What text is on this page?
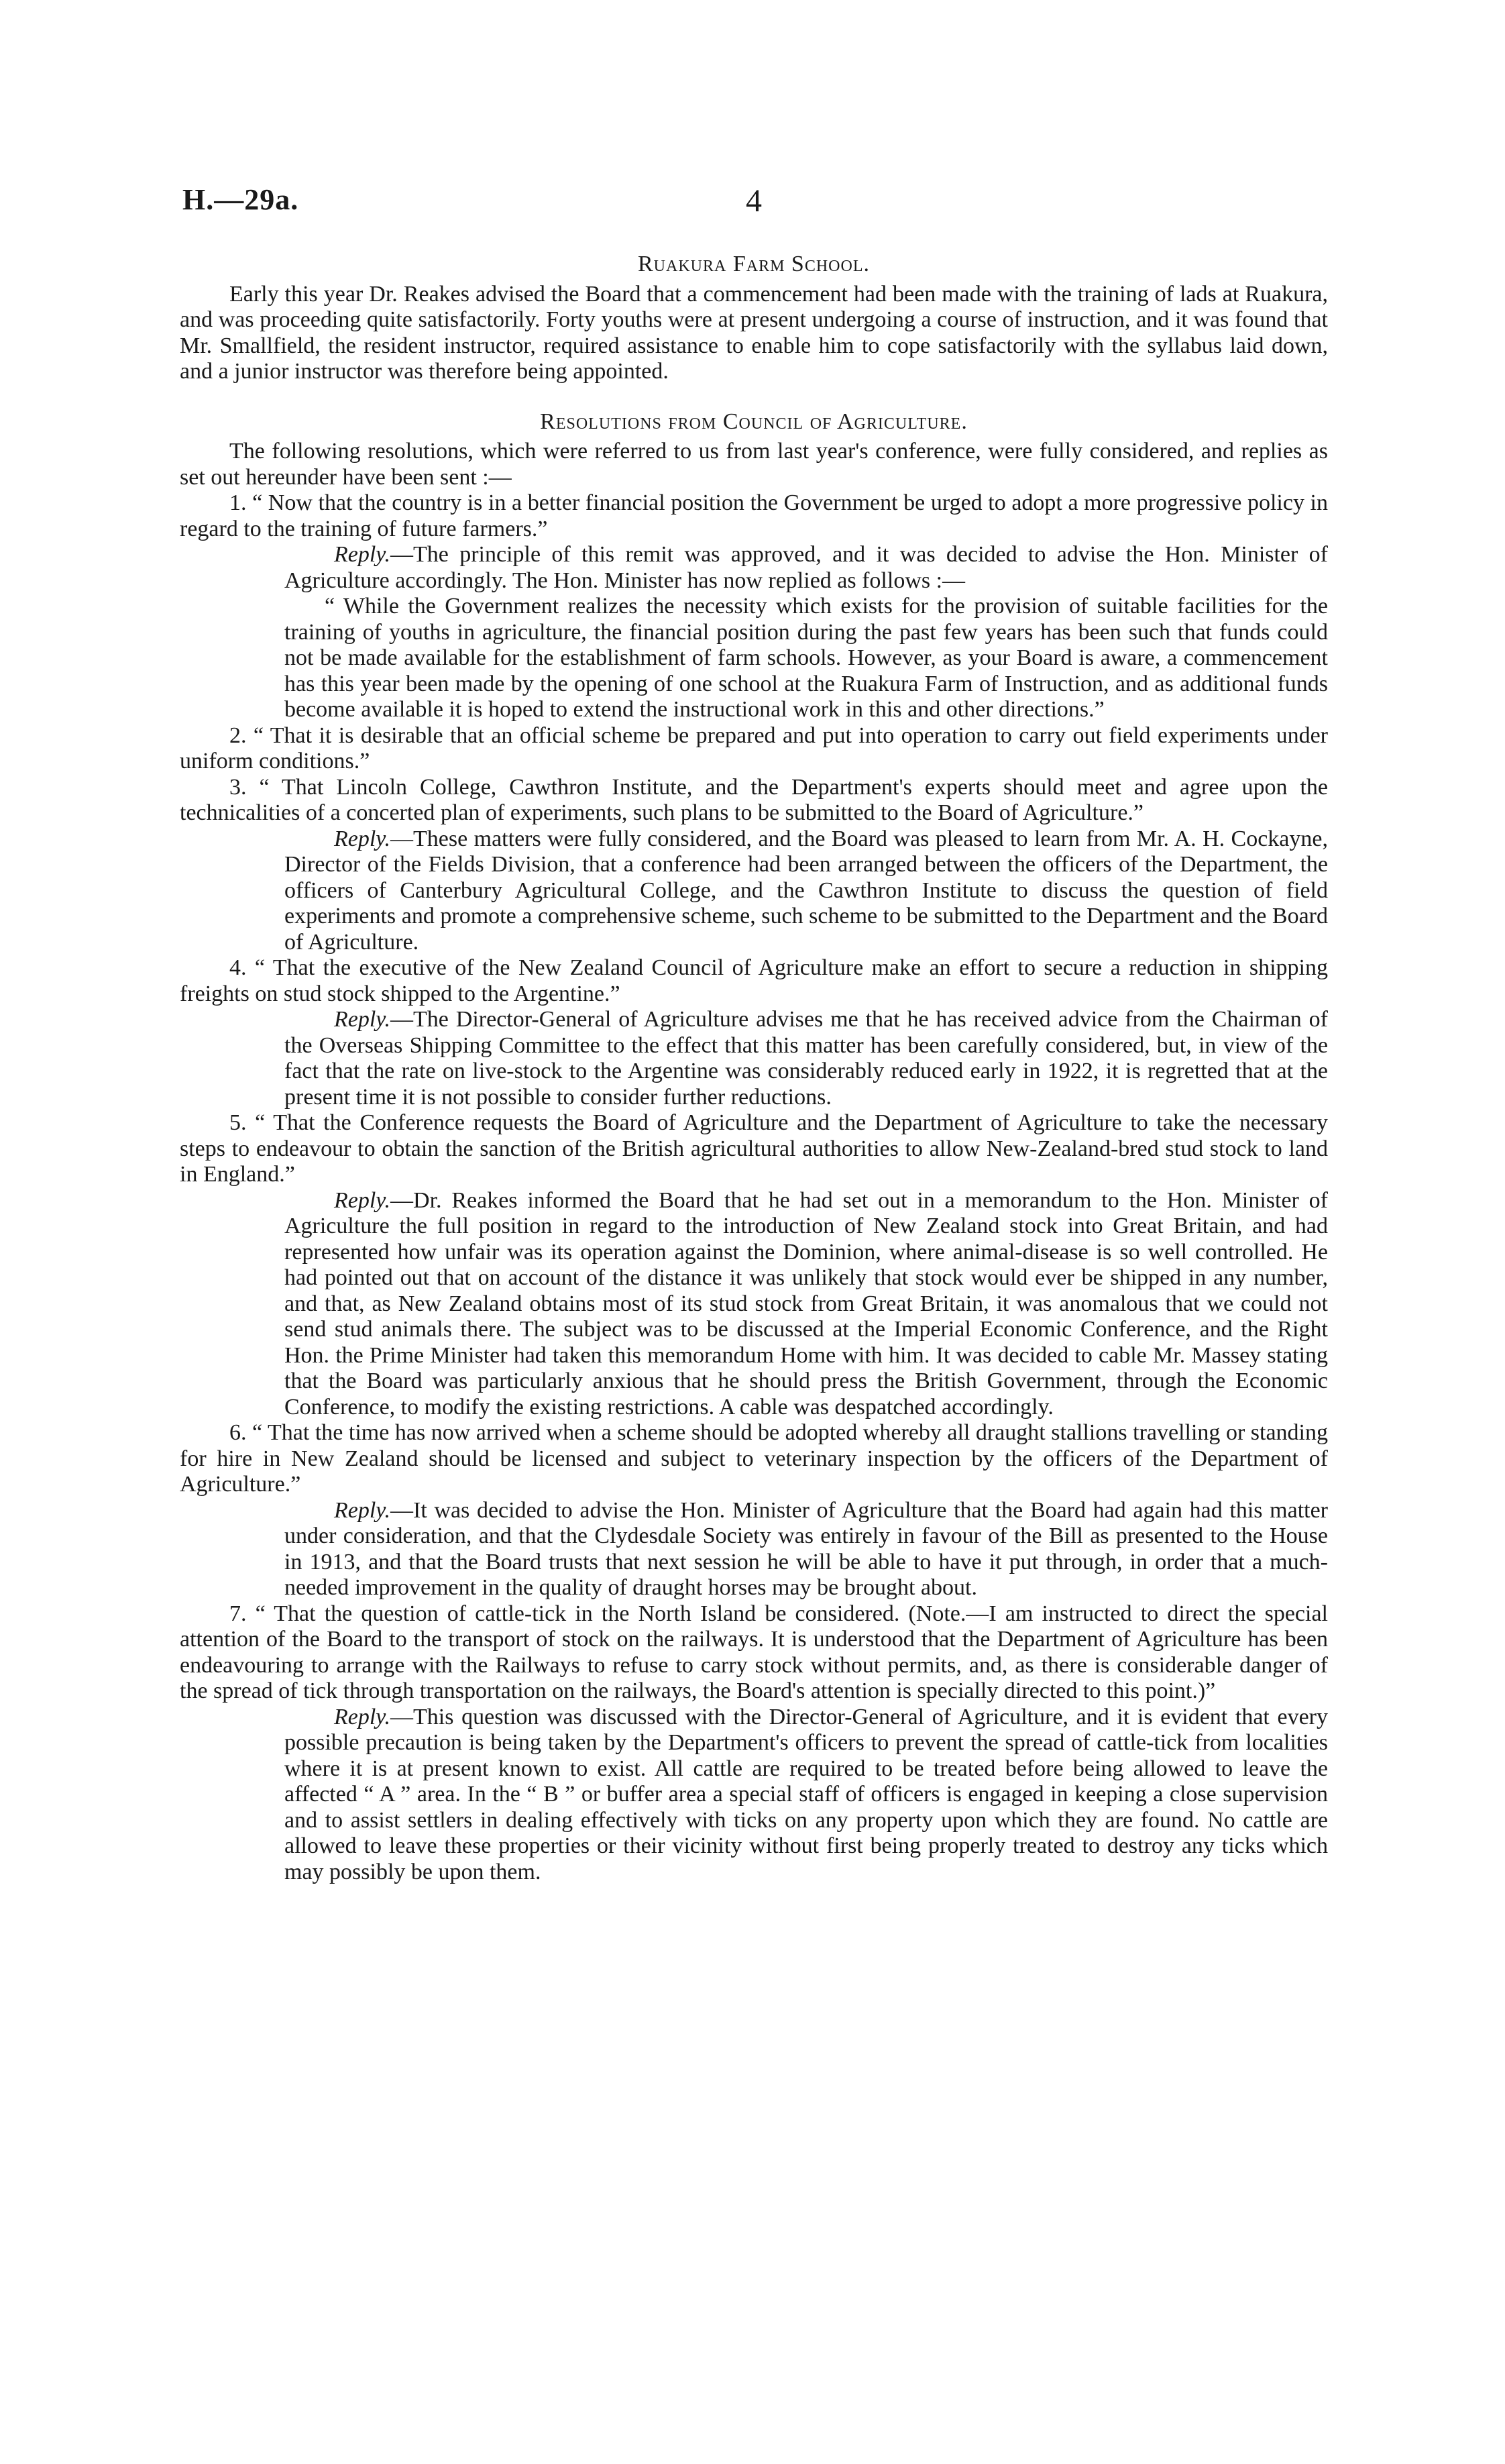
H.—29a.	4
Ruakura Farm School.

Early this year Dr. Reakes advised the Board that a commencement had been made with the training of lads at Ruakura, and was proceeding quite satisfactorily. Forty youths were at present undergoing a course of instruction, and it was found that Mr. Smallfield, the resident instructor, required assistance to enable him to cope satisfactorily with the syllabus laid down, and a junior instructor was therefore being appointed.

Resolutions from Council of Agriculture.

The following resolutions, which were referred to us from last year's conference, were fully considered, and replies as set out hereunder have been sent :—

1. “ Now that the country is in a better financial position the Government be urged to adopt a more progressive policy in regard to the training of future farmers.”

Reply.—The principle of this remit was approved, and it was decided to advise the Hon. Minister of Agriculture accordingly. The Hon. Minister has now replied as follows :—

“ While the Government realizes the necessity which exists for the provision of suitable facilities for the training of youths in agriculture, the financial position during the past few years has been such that funds could not be made available for the establishment of farm schools. However, as your Board is aware, a commencement has this year been made by the opening of one school at the Ruakura Farm of Instruction, and as additional funds become available it is hoped to extend the instructional work in this and other directions.”

2. “ That it is desirable that an official scheme be prepared and put into operation to carry out field experiments under uniform conditions.”

3. “ That Lincoln College, Cawthron Institute, and the Department's experts should meet and agree upon the technicalities of a concerted plan of experiments, such plans to be submitted to the Board of Agriculture.”

Reply.—These matters were fully considered, and the Board was pleased to learn from Mr. A. H. Cockayne, Director of the Fields Division, that a conference had been arranged between the officers of the Department, the officers of Canterbury Agricultural College, and the Cawthron Institute to discuss the question of field experiments and promote a comprehensive scheme, such scheme to be submitted to the Department and the Board of Agriculture.

4. “ That the executive of the New Zealand Council of Agriculture make an effort to secure a reduction in shipping freights on stud stock shipped to the Argentine.”

Reply.—The Director-General of Agriculture advises me that he has received advice from the Chairman of the Overseas Shipping Committee to the effect that this matter has been carefully considered, but, in view of the fact that the rate on live-stock to the Argentine was considerably reduced early in 1922, it is regretted that at the present time it is not possible to consider further reductions.

5. “ That the Conference requests the Board of Agriculture and the Department of Agriculture to take the necessary steps to endeavour to obtain the sanction of the British agricultural authorities to allow New-Zealand-bred stud stock to land in England.”

Reply.—Dr. Reakes informed the Board that he had set out in a memorandum to the Hon. Minister of Agriculture the full position in regard to the introduction of New Zealand stock into Great Britain, and had represented how unfair was its operation against the Dominion, where animal-disease is so well controlled. He had pointed out that on account of the distance it was unlikely that stock would ever be shipped in any number, and that, as New Zealand obtains most of its stud stock from Great Britain, it was anomalous that we could not send stud animals there. The subject was to be discussed at the Imperial Economic Conference, and the Right Hon. the Prime Minister had taken this memorandum Home with him. It was decided to cable Mr. Massey stating that the Board was particularly anxious that he should press the British Government, through the Economic Conference, to modify the existing restrictions. A cable was despatched accordingly.

6. “ That the time has now arrived when a scheme should be adopted whereby all draught stallions travelling or standing for hire in New Zealand should be licensed and subject to veterinary inspection by the officers of the Department of Agriculture.”

Reply.—It was decided to advise the Hon. Minister of Agriculture that the Board had again had this matter under consideration, and that the Clydesdale Society was entirely in favour of the Bill as presented to the House in 1913, and that the Board trusts that next session he will be able to have it put through, in order that a much-needed improvement in the quality of draught horses may be brought about.

7. “ That the question of cattle-tick in the North Island be considered. (Note.—I am instructed to direct the special attention of the Board to the transport of stock on the railways. It is understood that the Department of Agriculture has been endeavouring to arrange with the Railways to refuse to carry stock without permits, and, as there is considerable danger of the spread of tick through transportation on the railways, the Board's attention is specially directed to this point.)”

Reply.—This question was discussed with the Director-General of Agriculture, and it is evident that every possible precaution is being taken by the Department's officers to prevent the spread of cattle-tick from localities where it is at present known to exist. All cattle are required to be treated before being allowed to leave the affected “ A ” area. In the “ B ” or buffer area a special staff of officers is engaged in keeping a close supervision and to assist settlers in dealing effectively with ticks on any property upon which they are found. No cattle are allowed to leave these properties or their vicinity without first being properly treated to destroy any ticks which may possibly be upon them.
